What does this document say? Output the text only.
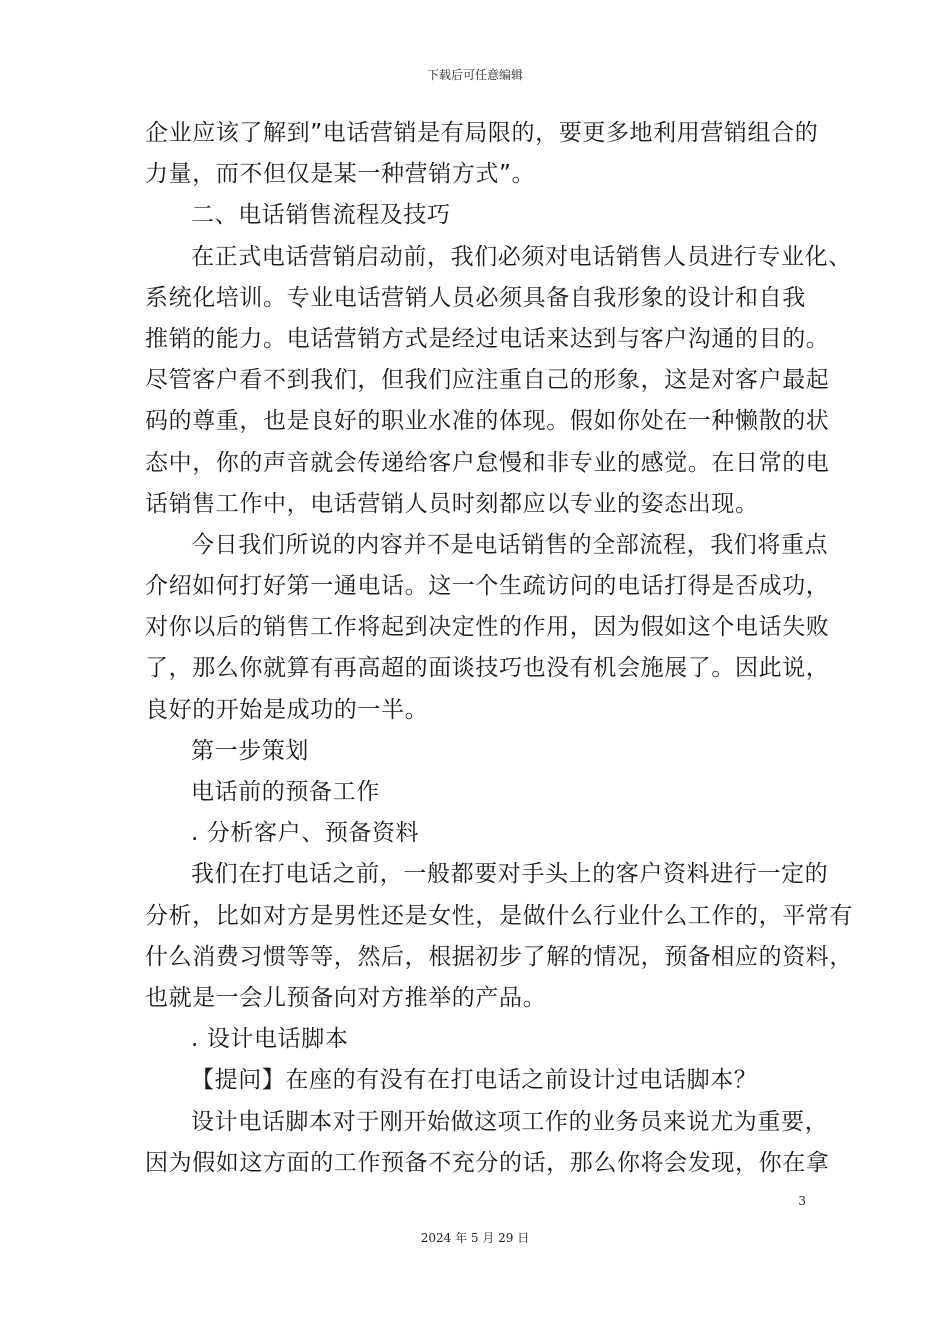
下载后可任意编辑
企业应该了解到”电话营销是有局限的，要更多地利用营销组合的
力量，而不但仅是某一种营销方式”。
二、电话销售流程及技巧
在正式电话营销启动前，我们必须对电话销售人员进行专业化、
系统化培训。专业电话营销人员必须具备自我形象的设计和自我
推销的能力。电话营销方式是经过电话来达到与客户沟通的目的。
尽管客户看不到我们，但我们应注重自己的形象，这是对客户最起
码的尊重，也是良好的职业水准的体现。假如你处在一种懒散的状
态中，你的声音就会传递给客户怠慢和非专业的感觉。在日常的电
话销售工作中，电话营销人员时刻都应以专业的姿态出现。
今日我们所说的内容并不是电话销售的全部流程，我们将重点
介绍如何打好第一通电话。这一个生疏访问的电话打得是否成功，
对你以后的销售工作将起到决定性的作用，因为假如这个电话失败
了，那么你就算有再高超的面谈技巧也没有机会施展了。因此说，
良好的开始是成功的一半。
第一步策划
电话前的预备工作
. 分析客户、预备资料
我们在打电话之前，一般都要对手头上的客户资料进行一定的
分析，比如对方是男性还是女性，是做什么行业什么工作的，平常有
什么消费习惯等等，然后，根据初步了解的情况，预备相应的资料，
也就是一会儿预备向对方推举的产品。
. 设计电话脚本
【提问】在座的有没有在打电话之前设计过电话脚本？
设计电话脚本对于刚开始做这项工作的业务员来说尤为重要，
因为假如这方面的工作预备不充分的话，那么你将会发现，你在拿
3
2024 年 5 月 29 日
